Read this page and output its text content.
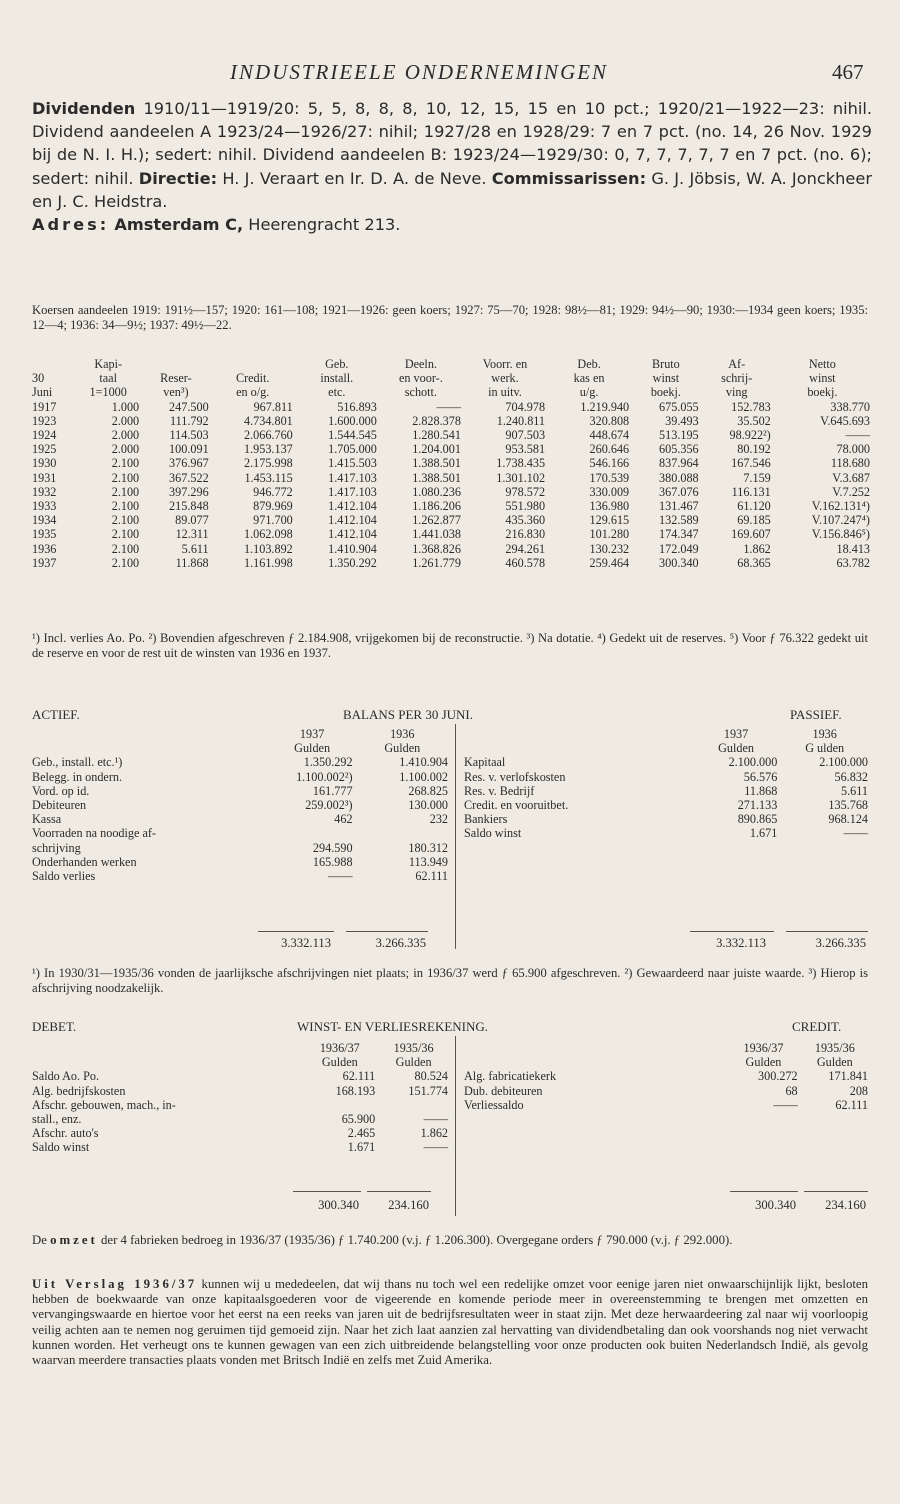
INDUSTRIEELE ONDERNEMINGEN	467
Dividenden 1910/11—1919/20: 5, 5, 8, 8, 8, 10, 12, 15, 15 en 10 pct.; 1920/21—1922—23: nihil. Dividend aandeelen A 1923/24—1926/27: nihil; 1927/28 en 1928/29: 7 en 7 pct. (no. 14, 26 Nov. 1929 bij de N. I. H.); sedert: nihil. Dividend aandeelen B: 1923/24—1929/30: 0, 7, 7, 7, 7, 7 en 7 pct. (no. 6); sedert: nihil. Directie: H. J. Veraart en Ir. D. A. de Neve. Commissarissen: G. J. Jöbsis, W. A. Jonckheer en J. C. Heidstra.
Adres: Amsterdam C, Heerengracht 213.
Koersen aandeelen 1919: 191½—157; 1920: 161—108; 1921—1926: geen koers; 1927: 75—70; 1928: 98½—81; 1929: 94½—90; 1930:—1934 geen koers; 1935: 12—4; 1936: 34—9½; 1937: 49½—22.
	Kapi-			Geb.	Deeln.	Voorr. en	Deb.	Bruto	Af-	Netto
30	taal	Reser-	Credit.	install.	en voor-.	werk.	kas en	winst	schrij-	winst
Juni	1=1000	ven³)	en o/g.	etc.	schott.	in uitv.	u/g.	boekj.	ving	boekj.
1917	1.000	247.500	967.811	516.893	——	704.978	1.219.940	675.055	152.783	338.770
1923	2.000	111.792	4.734.801	1.600.000	2.828.378	1.240.811	320.808	39.493	35.502	V.645.693
1924	2.000	114.503	2.066.760	1.544.545	1.280.541	907.503	448.674	513.195	98.922²)	——
1925	2.000	100.091	1.953.137	1.705.000	1.204.001	953.581	260.646	605.356	80.192	78.000
1930	2.100	376.967	2.175.998	1.415.503	1.388.501	1.738.435	546.166	837.964	167.546	118.680
1931	2.100	367.522	1.453.115	1.417.103	1.388.501	1.301.102	170.539	380.088	7.159	V.3.687
1932	2.100	397.296	946.772	1.417.103	1.080.236	978.572	330.009	367.076	116.131	V.7.252
1933	2.100	215.848	879.969	1.412.104	1.186.206	551.980	136.980	131.467	61.120	V.162.131⁴)
1934	2.100	89.077	971.700	1.412.104	1.262.877	435.360	129.615	132.589	69.185	V.107.247⁴)
1935	2.100	12.311	1.062.098	1.412.104	1.441.038	216.830	101.280	174.347	169.607	V.156.846⁵)
1936	2.100	5.611	1.103.892	1.410.904	1.368.826	294.261	130.232	172.049	1.862	18.413
1937	2.100	11.868	1.161.998	1.350.292	1.261.779	460.578	259.464	300.340	68.365	63.782
¹) Incl. verlies Ao. Po. ²) Bovendien afgeschreven ƒ 2.184.908, vrijgekomen bij de reconstructie. ³) Na dotatie. ⁴) Gedekt uit de reserves. ⁵) Voor ƒ 76.322 gedekt uit de reserve en voor de rest uit de winsten van 1936 en 1937.
ACTIEF.	BALANS PER 30 JUNI.	PASSIEF.
	1937	1936
	Gulden	Gulden
Geb., install. etc.¹)	1.350.292	1.410.904
Belegg. in ondern.	1.100.002²)	1.100.002
Vord. op id.	161.777	268.825
Debiteuren	259.002³)	130.000
Kassa	462	232
Voorraden na noodige af-		
schrijving	294.590	180.312
Onderhanden werken	165.988	113.949
Saldo verlies	——	62.111
	1937	1936
	Gulden	G ulden
Kapitaal	2.100.000	2.100.000
Res. v. verlofskosten	56.576	56.832
Res. v. Bedrijf	11.868	5.611
Credit. en vooruitbet.	271.133	135.768
Bankiers	890.865	968.124
Saldo winst	1.671	——
3.332.113	3.266.335	3.332.113	3.266.335
¹) In 1930/31—1935/36 vonden de jaarlijksche afschrijvingen niet plaats; in 1936/37 werd ƒ 65.900 afgeschreven. ²) Gewaardeerd naar juiste waarde. ³) Hierop is afschrijving noodzakelijk.
DEBET.	WINST- EN VERLIESREKENING.	CREDIT.
	1936/37	1935/36
	Gulden	Gulden
Saldo Ao. Po.	62.111	80.524
Alg. bedrijfskosten	168.193	151.774
Afschr. gebouwen, mach., in-		
stall., enz.	65.900	——
Afschr. auto's	2.465	1.862
Saldo winst	1.671	——
	1936/37	1935/36
	Gulden	Gulden
Alg. fabricatiekerk	300.272	171.841
Dub. debiteuren	68	208
Verliessaldo	——	62.111
300.340	234.160	300.340	234.160
De omzet der 4 fabrieken bedroeg in 1936/37 (1935/36) ƒ 1.740.200 (v.j. ƒ 1.206.300). Overgegane orders ƒ 790.000 (v.j. ƒ 292.000).
Uit Verslag 1936/37 kunnen wij u mededeelen, dat wij thans nu toch wel een redelijke omzet voor eenige jaren niet onwaarschijnlijk lijkt, besloten hebben de boekwaarde van onze kapitaalsgoederen voor de vigeerende en komende periode meer in overeenstemming te brengen met omzetten en vervangingswaarde en hiertoe voor het eerst na een reeks van jaren uit de bedrijfsresultaten weer in staat zijn. Met deze herwaardeering zal naar wij voorloopig veilig achten aan te nemen nog geruimen tijd gemoeid zijn. Naar het zich laat aanzien zal hervatting van dividendbetaling dan ook voorshands nog niet verwacht kunnen worden. Het verheugt ons te kunnen gewagen van een zich uitbreidende belangstelling voor onze producten ook buiten Nederlandsch Indië, als gevolg waarvan meerdere transacties plaats vonden met Britsch Indië en zelfs met Zuid Amerika.
